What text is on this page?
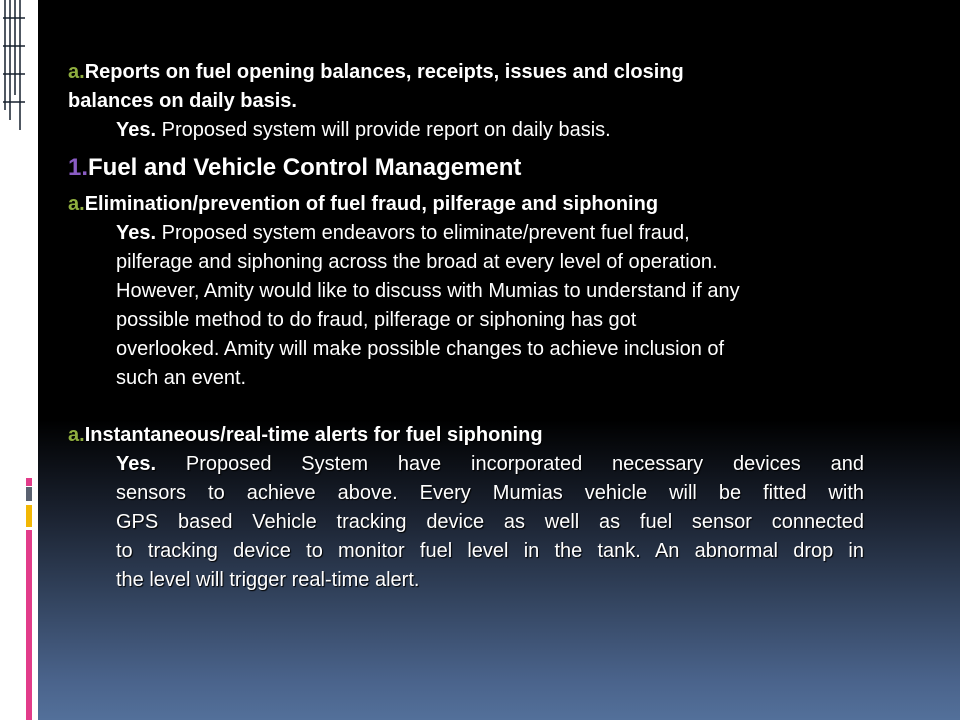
a.Reports on fuel opening balances, receipts, issues and closing
balances on daily basis.
Yes. Proposed system will provide report on daily basis.
1.Fuel and Vehicle Control Management
a.Elimination/prevention of fuel fraud, pilferage and siphoning
Yes. Proposed system endeavors to eliminate/prevent fuel fraud,
pilferage and siphoning across the broad at every level of operation.
However, Amity would like to discuss with Mumias to understand if any
possible method to do fraud, pilferage or siphoning has got
overlooked. Amity will make possible changes to achieve inclusion of
such an event.
a.Instantaneous/real-time alerts for fuel siphoning
Yes. Proposed System have incorporated necessary devices and
sensors to achieve above. Every Mumias vehicle will be fitted with
GPS based Vehicle tracking device as well as fuel sensor connected
to tracking device to monitor fuel level in the tank. An abnormal drop in
the level will trigger real-time alert.
